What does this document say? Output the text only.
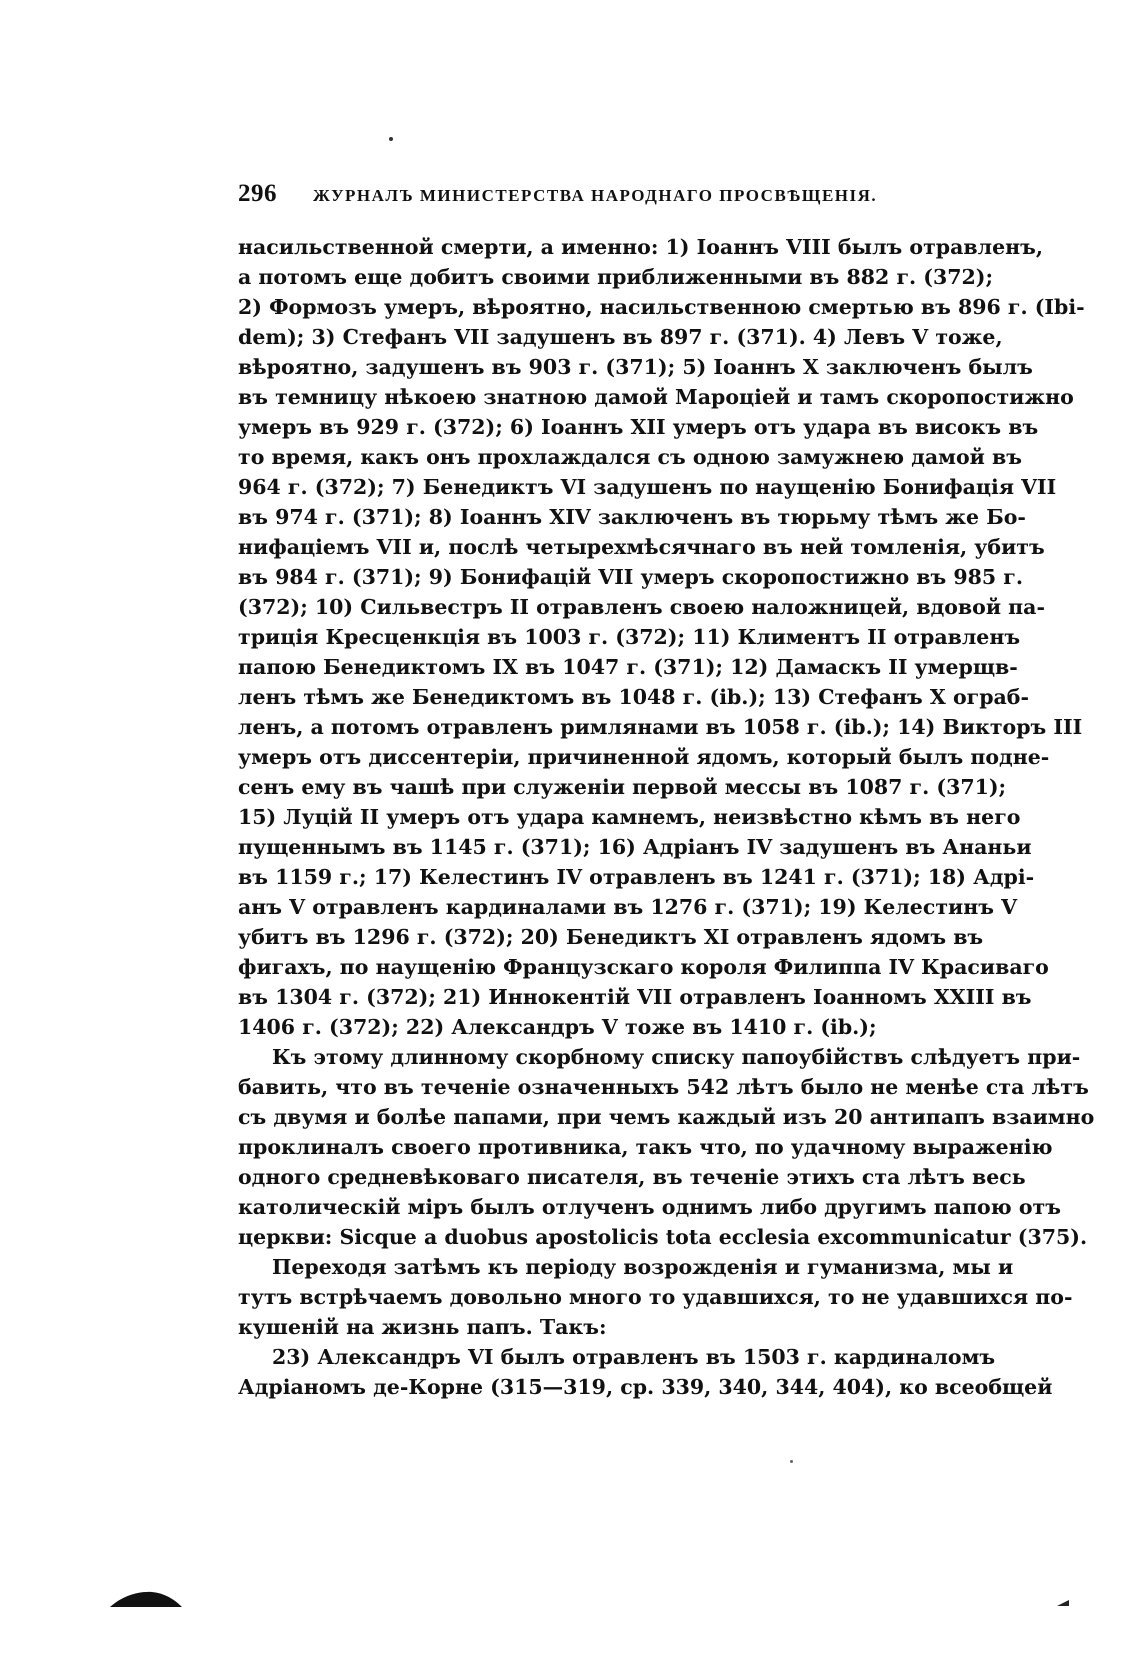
296 ЖУРНАЛЪ МИНИСТЕРСТВА НАРОДНАГО ПРОСВѢЩЕНІЯ.
насильственной смерти, а именно: 1) Іоаннъ VIII былъ отравленъ,
а потомъ еще добитъ своими приближенными въ 882 г. (372);
2) Формозъ умеръ, вѣроятно, насильственною смертью въ 896 г. (Ibi-
dem); 3) Стефанъ VII задушенъ въ 897 г. (371). 4) Левъ V тоже,
вѣроятно, задушенъ въ 903 г. (371); 5) Іоаннъ X заключенъ былъ
въ темницу нѣкоею знатною дамой Мароціей и тамъ скоропостижно
умеръ въ 929 г. (372); 6) Іоаннъ XII умеръ отъ удара въ високъ въ
то время, какъ онъ прохлаждался съ одною замужнею дамой въ
964 г. (372); 7) Бенедиктъ VI задушенъ по наущенію Бонифація VII
въ 974 г. (371); 8) Іоаннъ XIV заключенъ въ тюрьму тѣмъ же Бо-
нифаціемъ VII и, послѣ четырехмѣсячнаго въ ней томленія, убитъ
въ 984 г. (371); 9) Бонифацій VII умеръ скоропостижно въ 985 г.
(372); 10) Сильвестръ II отравленъ своею наложницей, вдовой па-
триція Кресценкція въ 1003 г. (372); 11) Климентъ II отравленъ
папою Бенедиктомъ IX въ 1047 г. (371); 12) Дамаскъ II умерщв-
ленъ тѣмъ же Бенедиктомъ въ 1048 г. (ib.); 13) Стефанъ X ограб-
ленъ, а потомъ отравленъ римлянами въ 1058 г. (ib.); 14) Викторъ III
умеръ отъ диссентеріи, причиненной ядомъ, который былъ подне-
сенъ ему въ чашѣ при служеніи первой мессы въ 1087 г. (371);
15) Луцій II умеръ отъ удара камнемъ, неизвѣстно кѣмъ въ него
пущеннымъ въ 1145 г. (371); 16) Адріанъ IV задушенъ въ Ананьи
въ 1159 г.; 17) Келестинъ IV отравленъ въ 1241 г. (371); 18) Адрі-
анъ V отравленъ кардиналами въ 1276 г. (371); 19) Келестинъ V
убитъ въ 1296 г. (372); 20) Бенедиктъ XI отравленъ ядомъ въ
фигахъ, по наущенію Французскаго короля Филиппа IV Красиваго
въ 1304 г. (372); 21) Иннокентій VII отравленъ Іоанномъ XXIII въ
1406 г. (372); 22) Александръ V тоже въ 1410 г. (ib.);
Къ этому длинному скорбному списку папоубійствъ слѣдуетъ при-
бавить, что въ теченіе означенныхъ 542 лѣтъ было не менѣе ста лѣтъ
съ двумя и болѣе папами, при чемъ каждый изъ 20 антипапъ взаимно
проклиналъ своего противника, такъ что, по удачному выраженію
одного средневѣковаго писателя, въ теченіе этихъ ста лѣтъ весь
католическій міръ былъ отлученъ однимъ либо другимъ папою отъ
церкви: Sicque a duobus apostolicis tota ecclesia excommunicatur (375).
Переходя затѣмъ къ періоду возрожденія и гуманизма, мы и
тутъ встрѣчаемъ довольно много то удавшихся, то не удавшихся по-
кушеній на жизнь папъ. Такъ:
23) Александръ VI былъ отравленъ въ 1503 г. кардиналомъ
Адріаномъ де-Корне (315—319, ср. 339, 340, 344, 404), ко всеобщей
